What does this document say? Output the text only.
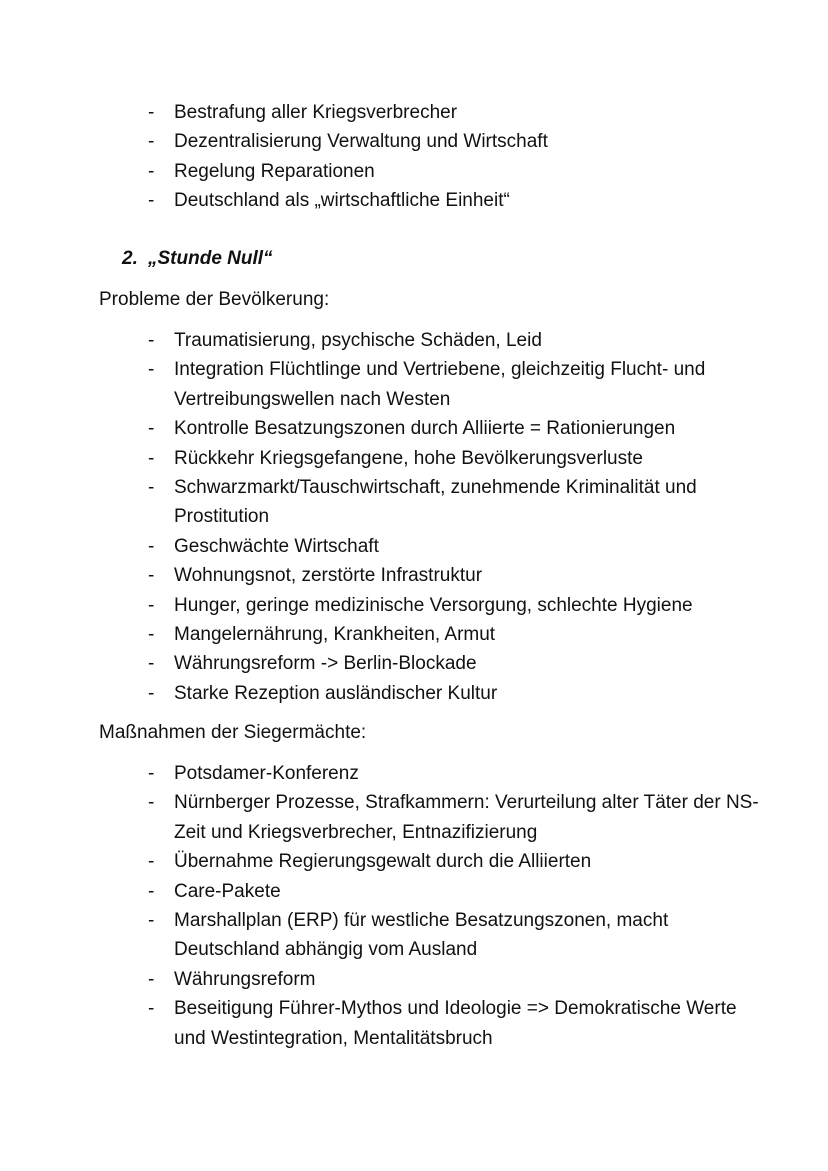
- Bestrafung aller Kriegsverbrecher
- Dezentralisierung Verwaltung und Wirtschaft
- Regelung Reparationen
- Deutschland als „wirtschaftliche Einheit“
2. „Stunde Null“
Probleme der Bevölkerung:
- Traumatisierung, psychische Schäden, Leid
- Integration Flüchtlinge und Vertriebene, gleichzeitig Flucht- und Vertreibungswellen nach Westen
- Kontrolle Besatzungszonen durch Alliierte = Rationierungen
- Rückkehr Kriegsgefangene, hohe Bevölkerungsverluste
- Schwarzmarkt/Tauschwirtschaft, zunehmende Kriminalität und Prostitution
- Geschwächte Wirtschaft
- Wohnungsnot, zerstörte Infrastruktur
- Hunger, geringe medizinische Versorgung, schlechte Hygiene
- Mangelernährung, Krankheiten, Armut
- Währungsreform -> Berlin-Blockade
- Starke Rezeption ausländischer Kultur
Maßnahmen der Siegermächte:
- Potsdamer-Konferenz
- Nürnberger Prozesse, Strafkammern: Verurteilung alter Täter der NS-Zeit und Kriegsverbrecher, Entnazifizierung
- Übernahme Regierungsgewalt durch die Alliierten
- Care-Pakete
- Marshallplan (ERP) für westliche Besatzungszonen, macht Deutschland abhängig vom Ausland
- Währungsreform
- Beseitigung Führer-Mythos und Ideologie => Demokratische Werte und Westintegration, Mentalitätsbruch
